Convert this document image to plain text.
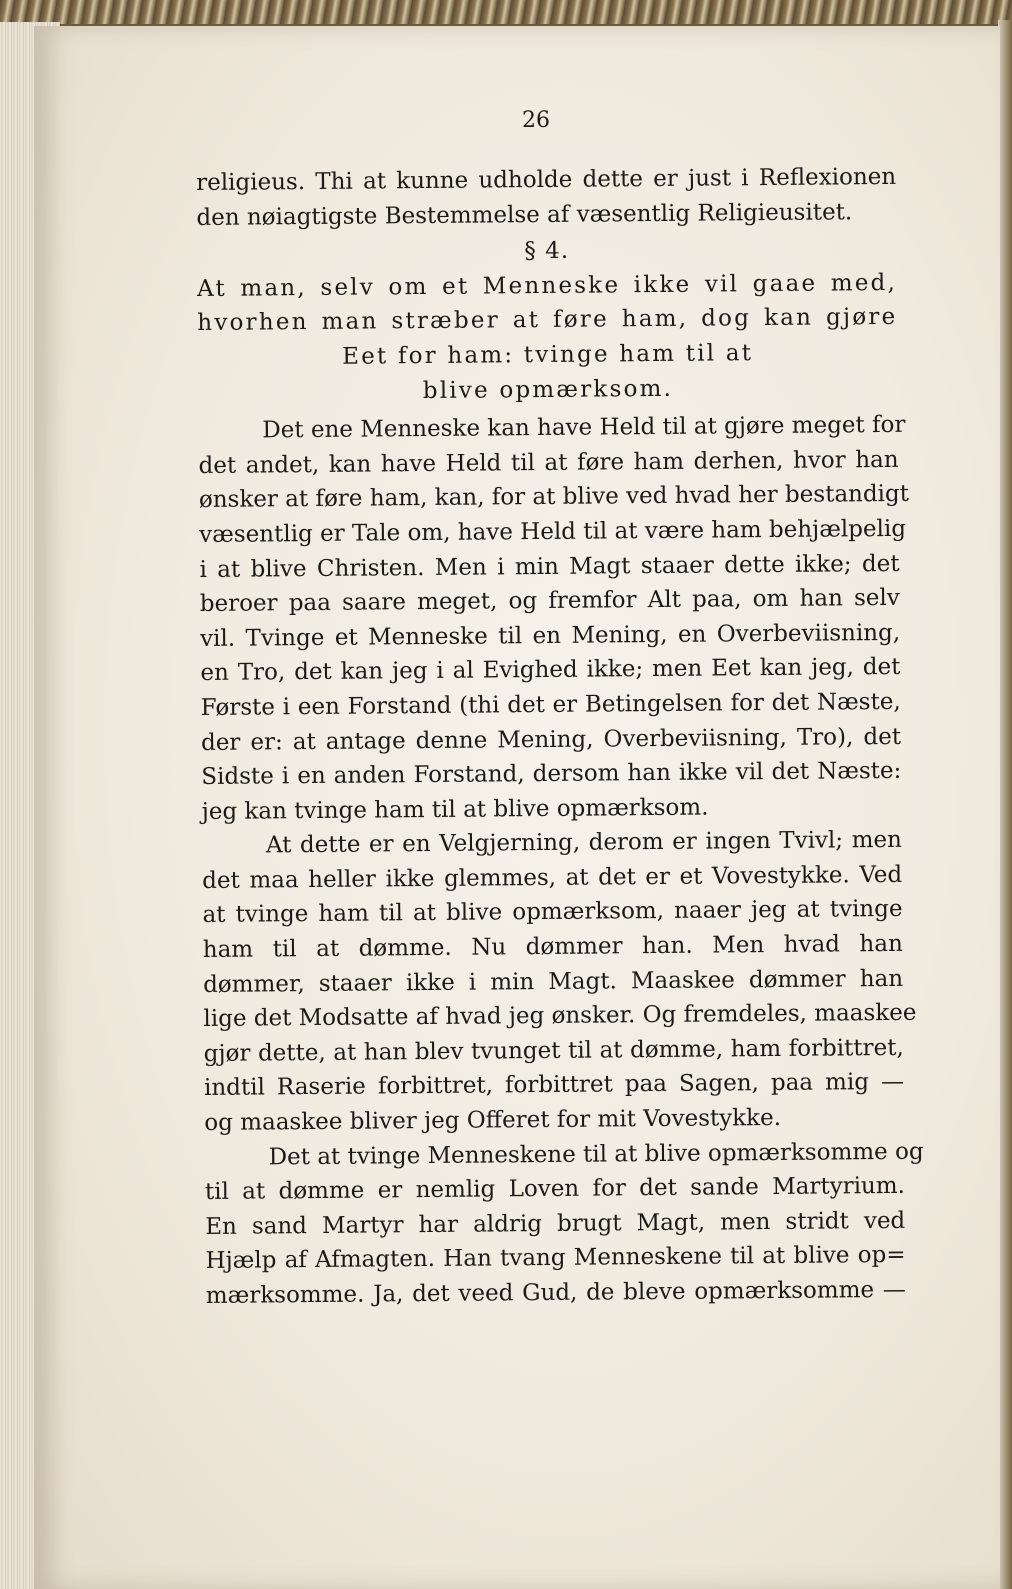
26
religieus. Thi at kunne udholde dette er just i Reflexionen
den nøiagtigste Bestemmelse af væsentlig Religieusitet.
§ 4.
At man, selv om et Menneske ikke vil gaae med,
hvorhen man stræber at føre ham, dog kan gjøre
Eet for ham: tvinge ham til at
blive opmærksom.
Det ene Menneske kan have Held til at gjøre meget for
det andet, kan have Held til at føre ham derhen, hvor han
ønsker at føre ham, kan, for at blive ved hvad her bestandigt
væsentlig er Tale om, have Held til at være ham behjælpelig
i at blive Christen. Men i min Magt staaer dette ikke; det
beroer paa saare meget, og fremfor Alt paa, om han selv
vil. Tvinge et Menneske til en Mening, en Overbeviisning,
en Tro, det kan jeg i al Evighed ikke; men Eet kan jeg, det
Første i een Forstand (thi det er Betingelsen for det Næste,
der er: at antage denne Mening, Overbeviisning, Tro), det
Sidste i en anden Forstand, dersom han ikke vil det Næste:
jeg kan tvinge ham til at blive opmærksom.
At dette er en Velgjerning, derom er ingen Tvivl; men
det maa heller ikke glemmes, at det er et Vovestykke. Ved
at tvinge ham til at blive opmærksom, naaer jeg at tvinge
ham til at dømme. Nu dømmer han. Men hvad han
dømmer, staaer ikke i min Magt. Maaskee dømmer han
lige det Modsatte af hvad jeg ønsker. Og fremdeles, maaskee
gjør dette, at han blev tvunget til at dømme, ham forbittret,
indtil Raserie forbittret, forbittret paa Sagen, paa mig —
og maaskee bliver jeg Offeret for mit Vovestykke.
Det at tvinge Menneskene til at blive opmærksomme og
til at dømme er nemlig Loven for det sande Martyrium.
En sand Martyr har aldrig brugt Magt, men stridt ved
Hjælp af Afmagten. Han tvang Menneskene til at blive op=
mærksomme. Ja, det veed Gud, de bleve opmærksomme —
